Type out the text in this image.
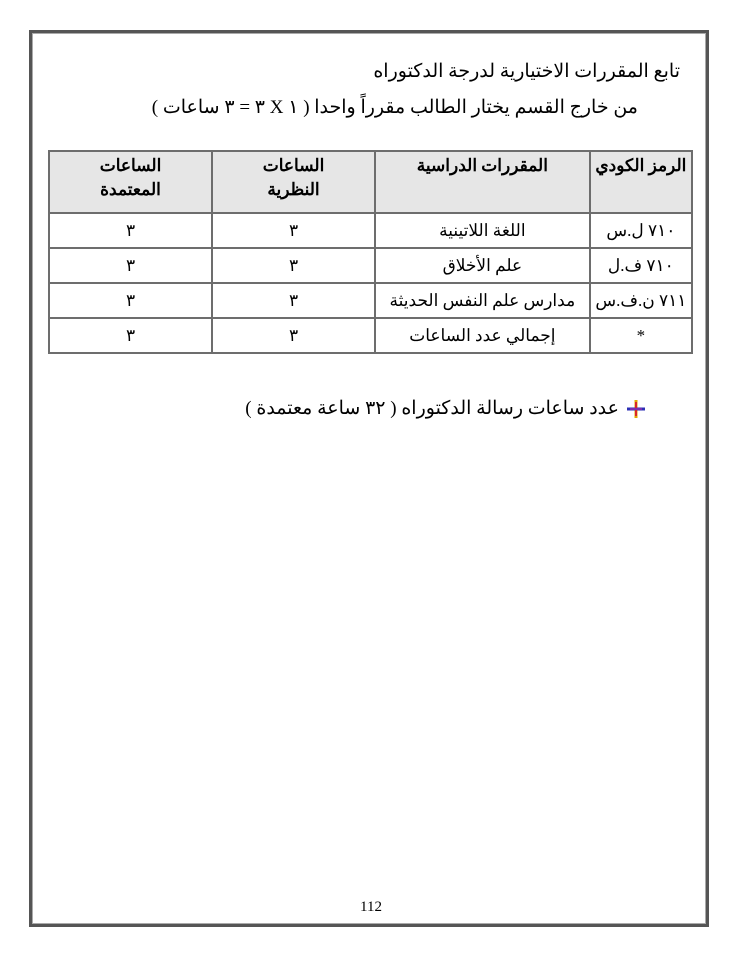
تابع المقررات الاختيارية لدرجة الدكتوراه
من خارج القسم يختار الطالب مقرراً واحدا ( ١ X ٣ = ٣ ساعات )
الرمز الكودي	المقررات الدراسية	الساعات النظرية	الساعات المعتمدة
٧١٠ ل.س	اللغة اللاتينية	٣	٣
٧١٠ ف.ل	علم الأخلاق	٣	٣
٧١١ ن.ف.س	مدارس علم النفس الحديثة	٣	٣
*	إجمالي عدد الساعات	٣	٣
عدد ساعات رسالة الدكتوراه ( ٣٢ ساعة معتمدة )
112
